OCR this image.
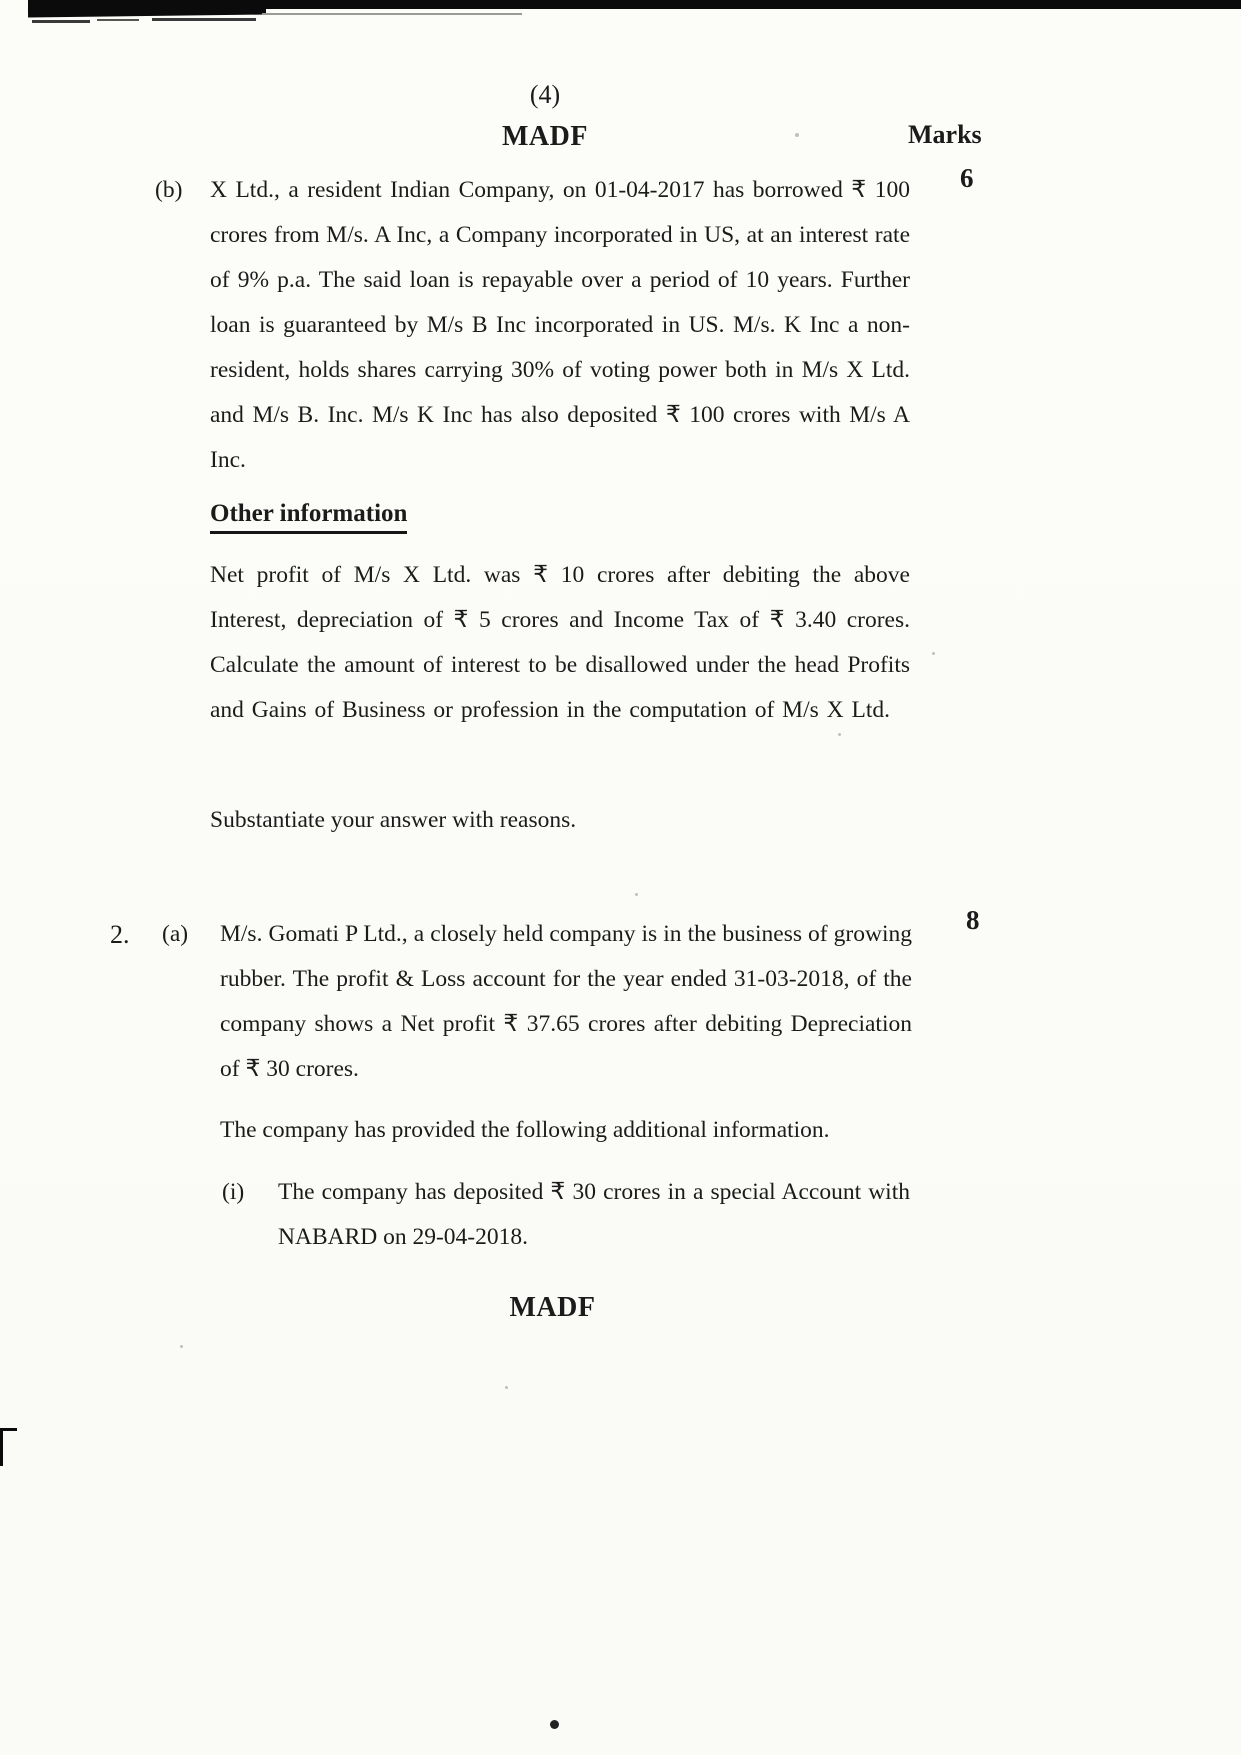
(4)
MADF	Marks
(b) X Ltd., a resident Indian Company, on 01-04-2017 has borrowed ₹ 100 crores from M/s. A Inc, a Company incorporated in US, at an interest rate of 9% p.a. The said loan is repayable over a period of 10 years. Further loan is guaranteed by M/s B Inc incorporated in US. M/s. K Inc a non-resident, holds shares carrying 30% of voting power both in M/s X Ltd. and M/s B. Inc. M/s K Inc has also deposited ₹ 100 crores with M/s A Inc.
6
Other information
Net profit of M/s X Ltd. was ₹ 10 crores after debiting the above Interest, depreciation of ₹ 5 crores and Income Tax of ₹ 3.40 crores. Calculate the amount of interest to be disallowed under the head Profits and Gains of Business or profession in the computation of M/s X Ltd.
Substantiate your answer with reasons.
2. (a) M/s. Gomati P Ltd., a closely held company is in the business of growing rubber. The profit & Loss account for the year ended 31-03-2018, of the company shows a Net profit ₹ 37.65 crores after debiting Depreciation of ₹ 30 crores.
8
The company has provided the following additional information.
(i) The company has deposited ₹ 30 crores in a special Account with NABARD on 29-04-2018.
MADF
